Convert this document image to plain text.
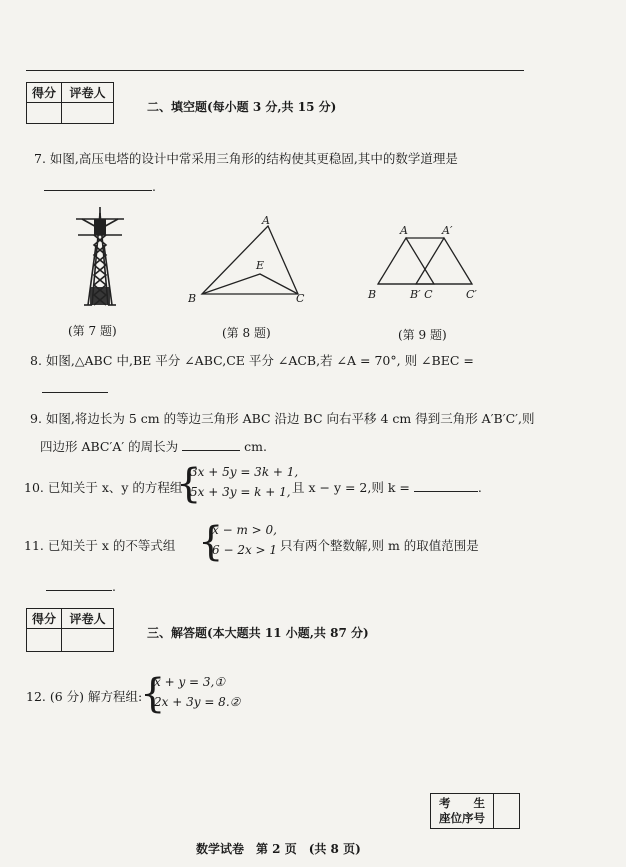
得分	评卷人

二、填空题(每小题 3 分,共 15 分)
7. 如图,高压电塔的设计中常采用三角形的结构使其更稳固,其中的数学道理是
.
A
E
B	C
A	A′
B	B′ C	C′
(第 7 题)	(第 8 题)	(第 9 题)
8. 如图,△ABC 中,BE 平分 ∠ABC,CE 平分 ∠ACB,若 ∠A = 70°, 则 ∠BEC =
9. 如图,将边长为 5 cm 的等边三角形 ABC 沿边 BC 向右平移 4 cm 得到三角形 A′B′C′,则
四边形 ABC′A′ 的周长为	cm.
10. 已知关于 x、y 的方程组
{
3x + 5y = 3k + 1,
5x + 3y = k + 1, 且 x − y = 2,则 k =	.
11. 已知关于 x 的不等式组 {
x − m > 0,
6 − 2x > 1 只有两个整数解,则 m 的取值范围是
.
得分	评卷人

三、解答题(本大题共 11 小题,共 87 分)
12. (6 分) 解方程组:
{
x + y = 3,①
2x + 3y = 8.②
考　　生
座位序号

数学试卷　第 2 页　(共 8 页)
